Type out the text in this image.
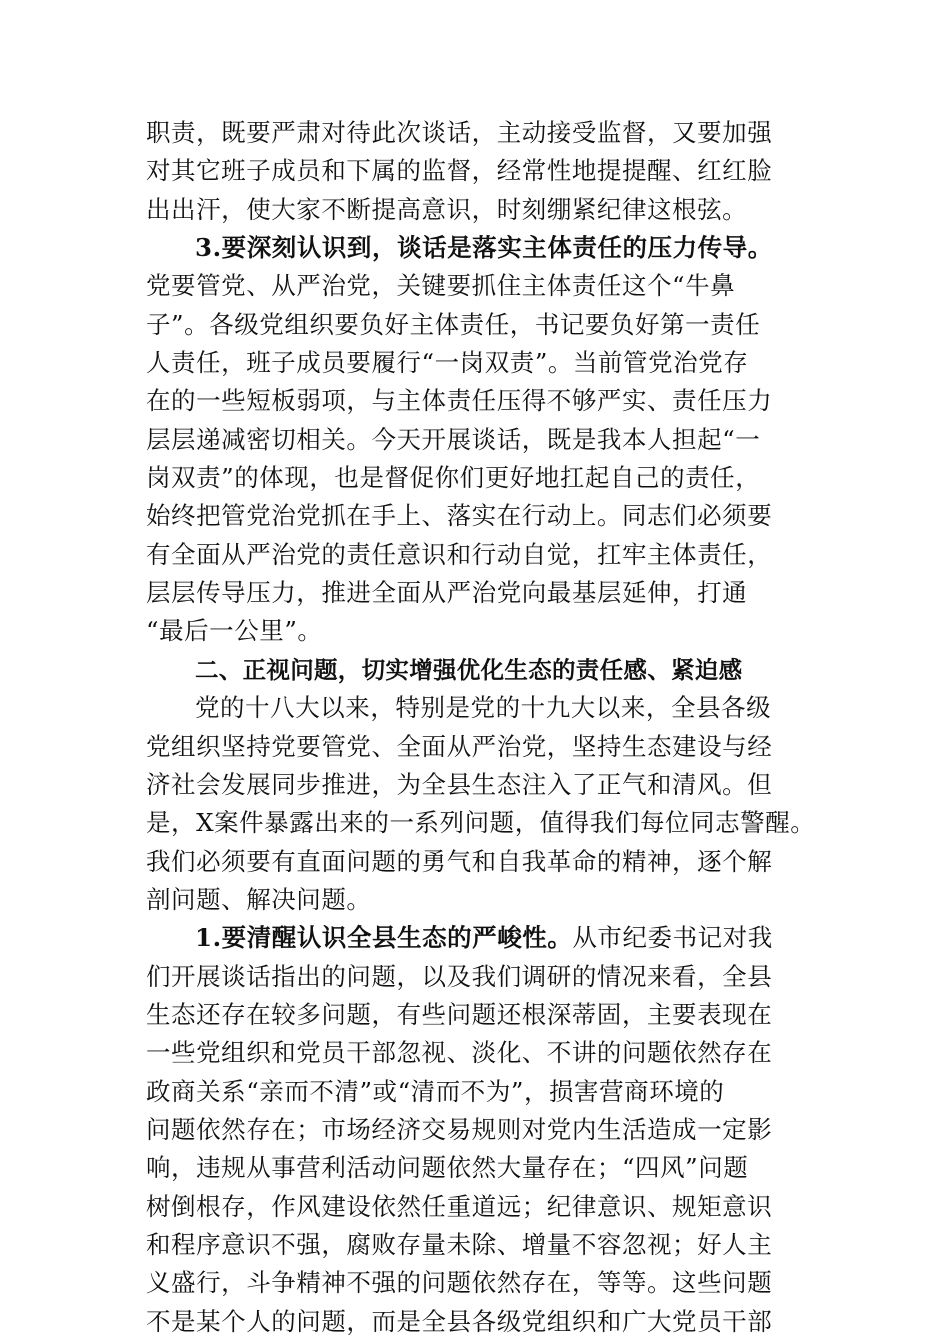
职责，既要严肃对待此次谈话，主动接受监督，又要加强
对其它班子成员和下属的监督，经常性地提提醒、红红脸
出出汗，使大家不断提高意识，时刻绷紧纪律这根弦。
3.要深刻认识到，谈话是落实主体责任的压力传导。
党要管党、从严治党，关键要抓住主体责任这个“牛鼻
子”。各级党组织要负好主体责任，书记要负好第一责任
人责任，班子成员要履行“一岗双责”。当前管党治党存
在的一些短板弱项，与主体责任压得不够严实、责任压力
层层递减密切相关。今天开展谈话，既是我本人担起“一
岗双责”的体现，也是督促你们更好地扛起自己的责任，
始终把管党治党抓在手上、落实在行动上。同志们必须要
有全面从严治党的责任意识和行动自觉，扛牢主体责任，
层层传导压力，推进全面从严治党向最基层延伸，打通
“最后一公里”。
二、正视问题，切实增强优化生态的责任感、紧迫感
党的十八大以来，特别是党的十九大以来，全县各级
党组织坚持党要管党、全面从严治党，坚持生态建设与经
济社会发展同步推进，为全县生态注入了正气和清风。但
是，X案件暴露出来的一系列问题，值得我们每位同志警醒。
我们必须要有直面问题的勇气和自我革命的精神，逐个解
剖问题、解决问题。
1.要清醒认识全县生态的严峻性。从市纪委书记对我
们开展谈话指出的问题，以及我们调研的情况来看，全县
生态还存在较多问题，有些问题还根深蒂固，主要表现在
一些党组织和党员干部忽视、淡化、不讲的问题依然存在
政商关系“亲而不清”或“清而不为”，损害营商环境的
问题依然存在；市场经济交易规则对党内生活造成一定影
响，违规从事营利活动问题依然大量存在；“四风”问题
树倒根存，作风建设依然任重道远；纪律意识、规矩意识
和程序意识不强，腐败存量未除、增量不容忽视；好人主
义盛行，斗争精神不强的问题依然存在，等等。这些问题
不是某个人的问题，而是全县各级党组织和广大党员干部
